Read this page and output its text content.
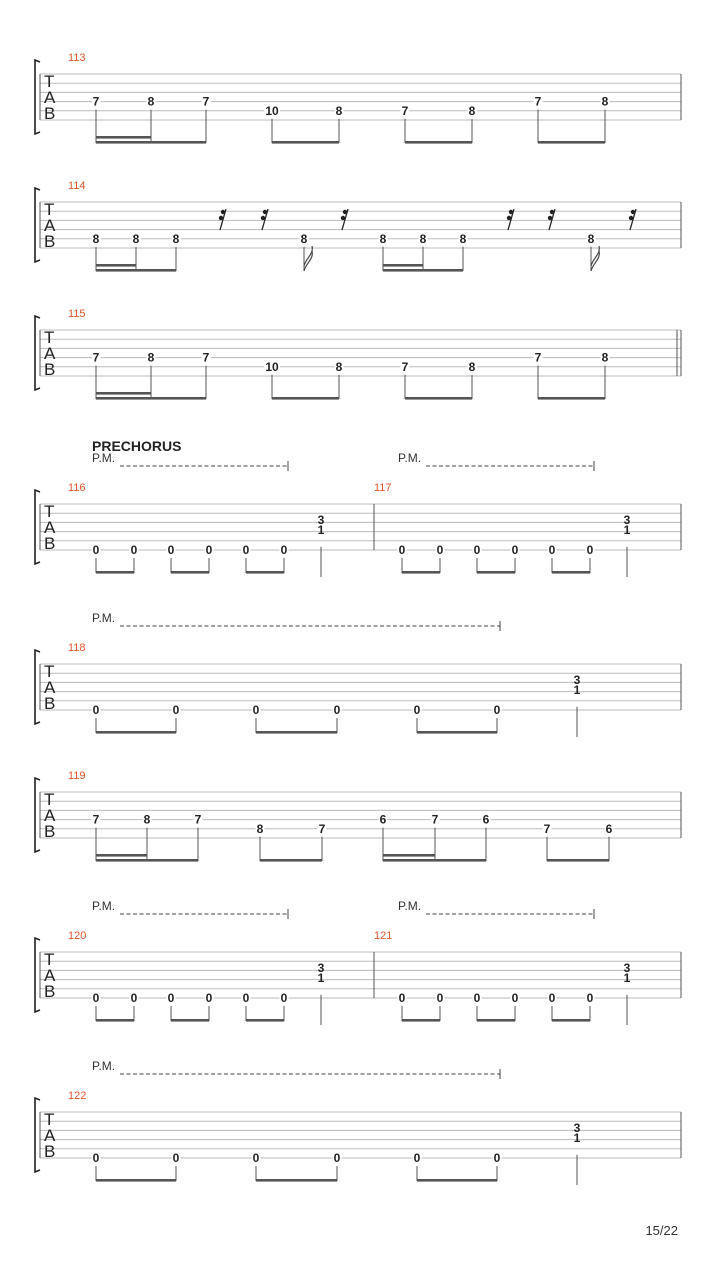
T
A
B
113
7	8	7
10	8	7	8
7	8
T
A
B
114
8	8	8	8	8	8	8	8
T
A
B
115
7	8	7
10	8	7	8
7	8
T
A
B
116
0	0	0	0	0	0
3
1
117
0	0	0	0	0	0
3
1
T
A
B
118
0	0	0	0	0	0
3
1
T
A
B
119
7	8	7
8	7
6	7	6
7	6
T
A
B
120
0	0	0	0	0	0
3
1
121
0	0	0	0	0	0
3
1
T
A
B
122
0	0	0	0	0	0
3
1
P.M.	P.M.
P.M.
P.M.	P.M.
P.M.
PRECHORUS
15/22
